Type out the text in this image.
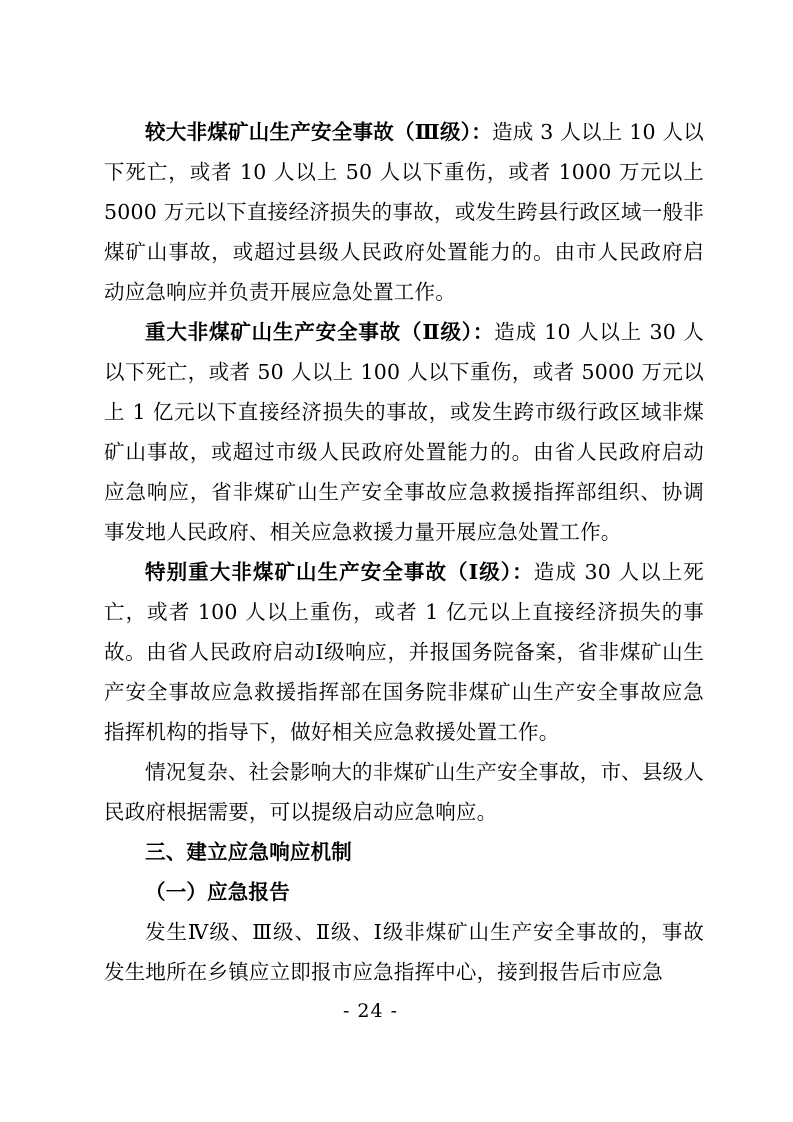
较大非煤矿山生产安全事故（Ⅲ级）：造成 3 人以上 10 人以下死亡，或者 10 人以上 50 人以下重伤，或者 1000 万元以上 5000 万元以下直接经济损失的事故，或发生跨县行政区域一般非煤矿山事故，或超过县级人民政府处置能力的。由市人民政府启动应急响应并负责开展应急处置工作。

重大非煤矿山生产安全事故（Ⅱ级）：造成 10 人以上 30 人以下死亡，或者 50 人以上 100 人以下重伤，或者 5000 万元以上 1 亿元以下直接经济损失的事故，或发生跨市级行政区域非煤矿山事故，或超过市级人民政府处置能力的。由省人民政府启动应急响应，省非煤矿山生产安全事故应急救援指挥部组织、协调事发地人民政府、相关应急救援力量开展应急处置工作。

特别重大非煤矿山生产安全事故（Ⅰ级）：造成 30 人以上死亡，或者 100 人以上重伤，或者 1 亿元以上直接经济损失的事故。由省人民政府启动Ⅰ级响应，并报国务院备案，省非煤矿山生产安全事故应急救援指挥部在国务院非煤矿山生产安全事故应急指挥机构的指导下，做好相关应急救援处置工作。

情况复杂、社会影响大的非煤矿山生产安全事故，市、县级人民政府根据需要，可以提级启动应急响应。

三、建立应急响应机制

（一）应急报告

发生Ⅳ级、Ⅲ级、Ⅱ级、Ⅰ级非煤矿山生产安全事故的，事故发生地所在乡镇应立即报市应急指挥中心，接到报告后市应急

- 24 -
